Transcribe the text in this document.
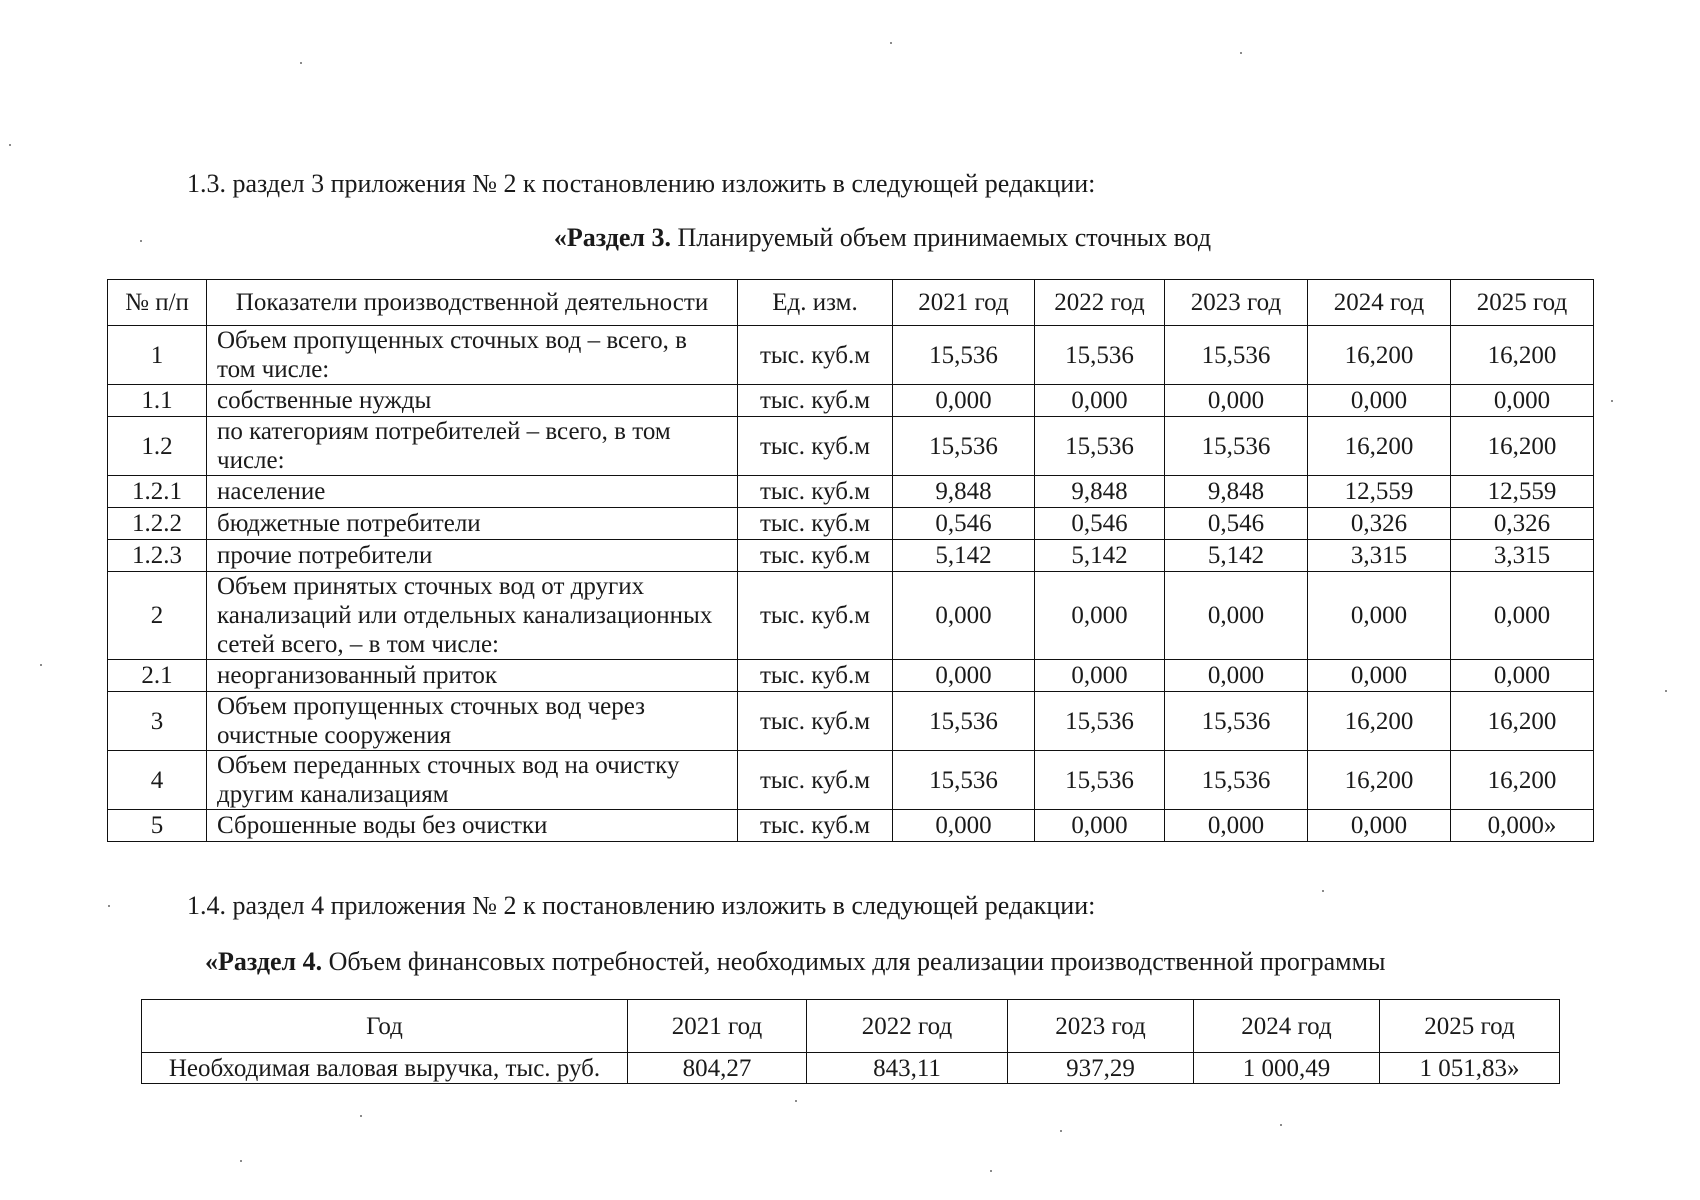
1.3. раздел 3 приложения № 2 к постановлению изложить в следующей редакции:

«Раздел 3. Планируемый объем принимаемых сточных вод

№ п/п	Показатели производственной деятельности	Ед. изм.	2021 год	2022 год	2023 год	2024 год	2025 год
1	Объем пропущенных сточных вод – всего, в том числе:	тыс. куб.м	15,536	15,536	15,536	16,200	16,200
1.1	собственные нужды	тыс. куб.м	0,000	0,000	0,000	0,000	0,000
1.2	по категориям потребителей – всего, в том числе:	тыс. куб.м	15,536	15,536	15,536	16,200	16,200
1.2.1	население	тыс. куб.м	9,848	9,848	9,848	12,559	12,559
1.2.2	бюджетные потребители	тыс. куб.м	0,546	0,546	0,546	0,326	0,326
1.2.3	прочие потребители	тыс. куб.м	5,142	5,142	5,142	3,315	3,315
2	Объем принятых сточных вод от других канализаций или отдельных канализационных сетей всего, – в том числе:	тыс. куб.м	0,000	0,000	0,000	0,000	0,000
2.1	неорганизованный приток	тыс. куб.м	0,000	0,000	0,000	0,000	0,000
3	Объем пропущенных сточных вод через очистные сооружения	тыс. куб.м	15,536	15,536	15,536	16,200	16,200
4	Объем переданных сточных вод на очистку другим канализациям	тыс. куб.м	15,536	15,536	15,536	16,200	16,200
5	Сброшенные воды без очистки	тыс. куб.м	0,000	0,000	0,000	0,000	0,000»

1.4. раздел 4 приложения № 2 к постановлению изложить в следующей редакции:

«Раздел 4. Объем финансовых потребностей, необходимых для реализации производственной программы

Год	2021 год	2022 год	2023 год	2024 год	2025 год
Необходимая валовая выручка, тыс. руб.	804,27	843,11	937,29	1 000,49	1 051,83»
